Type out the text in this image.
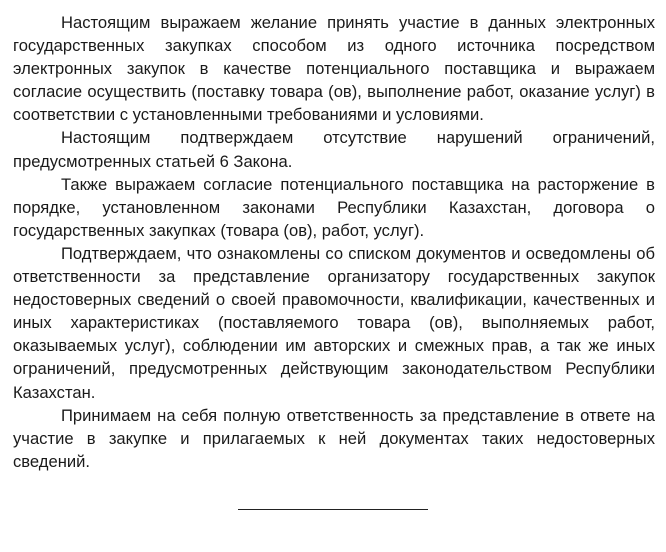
Настоящим выражаем желание принять участие в данных электронных государственных закупках способом из одного источника посредством электронных закупок в качестве потенциального поставщика и выражаем согласие осуществить (поставку товара (ов), выполнение работ, оказание услуг) в соответствии с установленными требованиями и условиями.

Настоящим подтверждаем отсутствие нарушений ограничений, предусмотренных статьей 6 Закона.

Также выражаем согласие потенциального поставщика на расторжение в порядке, установленном законами Республики Казахстан, договора о государственных закупках (товара (ов), работ, услуг).

Подтверждаем, что ознакомлены со списком документов и осведомлены об ответственности за представление организатору государственных закупок недостоверных сведений о своей правомочности, квалификации, качественных и иных характеристиках (поставляемого товара (ов), выполняемых работ, оказываемых услуг), соблюдении им авторских и смежных прав, а так же иных ограничений, предусмотренных действующим законодательством Республики Казахстан.

Принимаем на себя полную ответственность за представление в ответе на участие в закупке и прилагаемых к ней документах таких недостоверных сведений.
